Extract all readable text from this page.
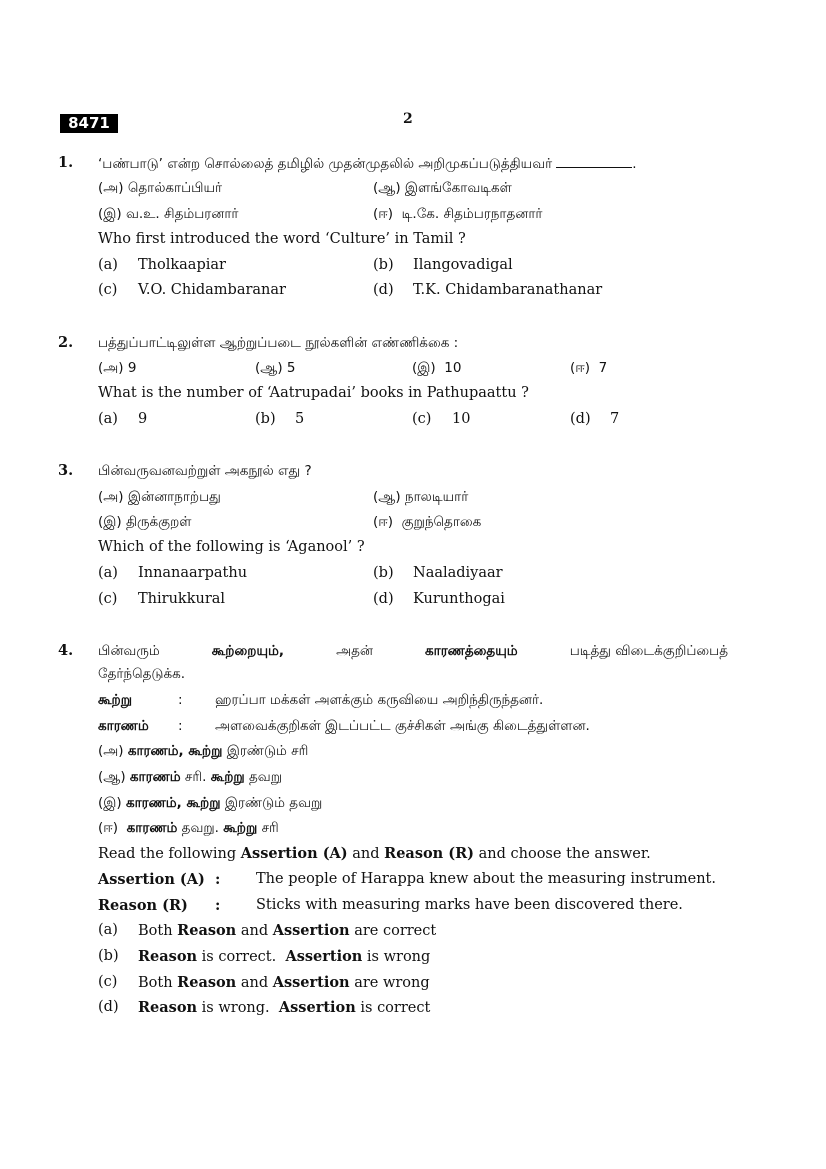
8471	2
1. ‘பண்பாடு’ என்ற சொல்லைத் தமிழில் முதன்முதலில் அறிமுகப்படுத்தியவர்	.
(அ) தொல்காப்பியர்	(ஆ) இளங்கோவடிகள்
(இ) வ.உ. சிதம்பரனார்	(ஈ) டி.கே. சிதம்பரநாதனார்
Who first introduced the word ‘Culture’ in Tamil ?
(a) Tholkaapiar	(b) Ilangovadigal
(c) V.O. Chidambaranar	(d) T.K. Chidambaranathanar
2. பத்துப்பாட்டிலுள்ள ஆற்றுப்படை நூல்களின் எண்ணிக்கை :
(அ) 9	(ஆ) 5	(இ) 10	(ஈ) 7
What is the number of ‘Aatrupadai’ books in Pathupaattu ?
(a) 9	(b) 5	(c) 10	(d) 7
3. பின்வருவனவற்றுள் அகநூல் எது ?
(அ) இன்னாநாற்பது	(ஆ) நாலடியார்
(இ) திருக்குறள்	(ஈ) குறுந்தொகை
Which of the following is ‘Aganool’ ?
(a) Innanaarpathu	(b) Naaladiyaar
(c) Thirukkural	(d) Kurunthogai
4. பின்வரும்	கூற்றையும்,	அதன்	காரணத்தையும்	படித்து விடைக்குறிப்பைத்
தேர்ந்தெடுக்க.
கூற்று	: ஹரப்பா மக்கள் அளக்கும் கருவியை அறிந்திருந்தனர்.
காரணம் : அளவைக்குறிகள் இடப்பட்ட குச்சிகள் அங்கு கிடைத்துள்ளன.
(அ) காரணம், கூற்று இரண்டும் சரி
(ஆ) காரணம் சரி. கூற்று தவறு
(இ) காரணம், கூற்று இரண்டும் தவறு
(ஈ) காரணம் தவறு. கூற்று சரி
Read the following Assertion (A) and Reason (R) and choose the answer.
Assertion (A) : The people of Harappa knew about the measuring instrument.
Reason (R) : Sticks with measuring marks have been discovered there.
(a) Both Reason and Assertion are correct
(b) Reason is correct. Assertion is wrong
(c) Both Reason and Assertion are wrong
(d) Reason is wrong. Assertion is correct
